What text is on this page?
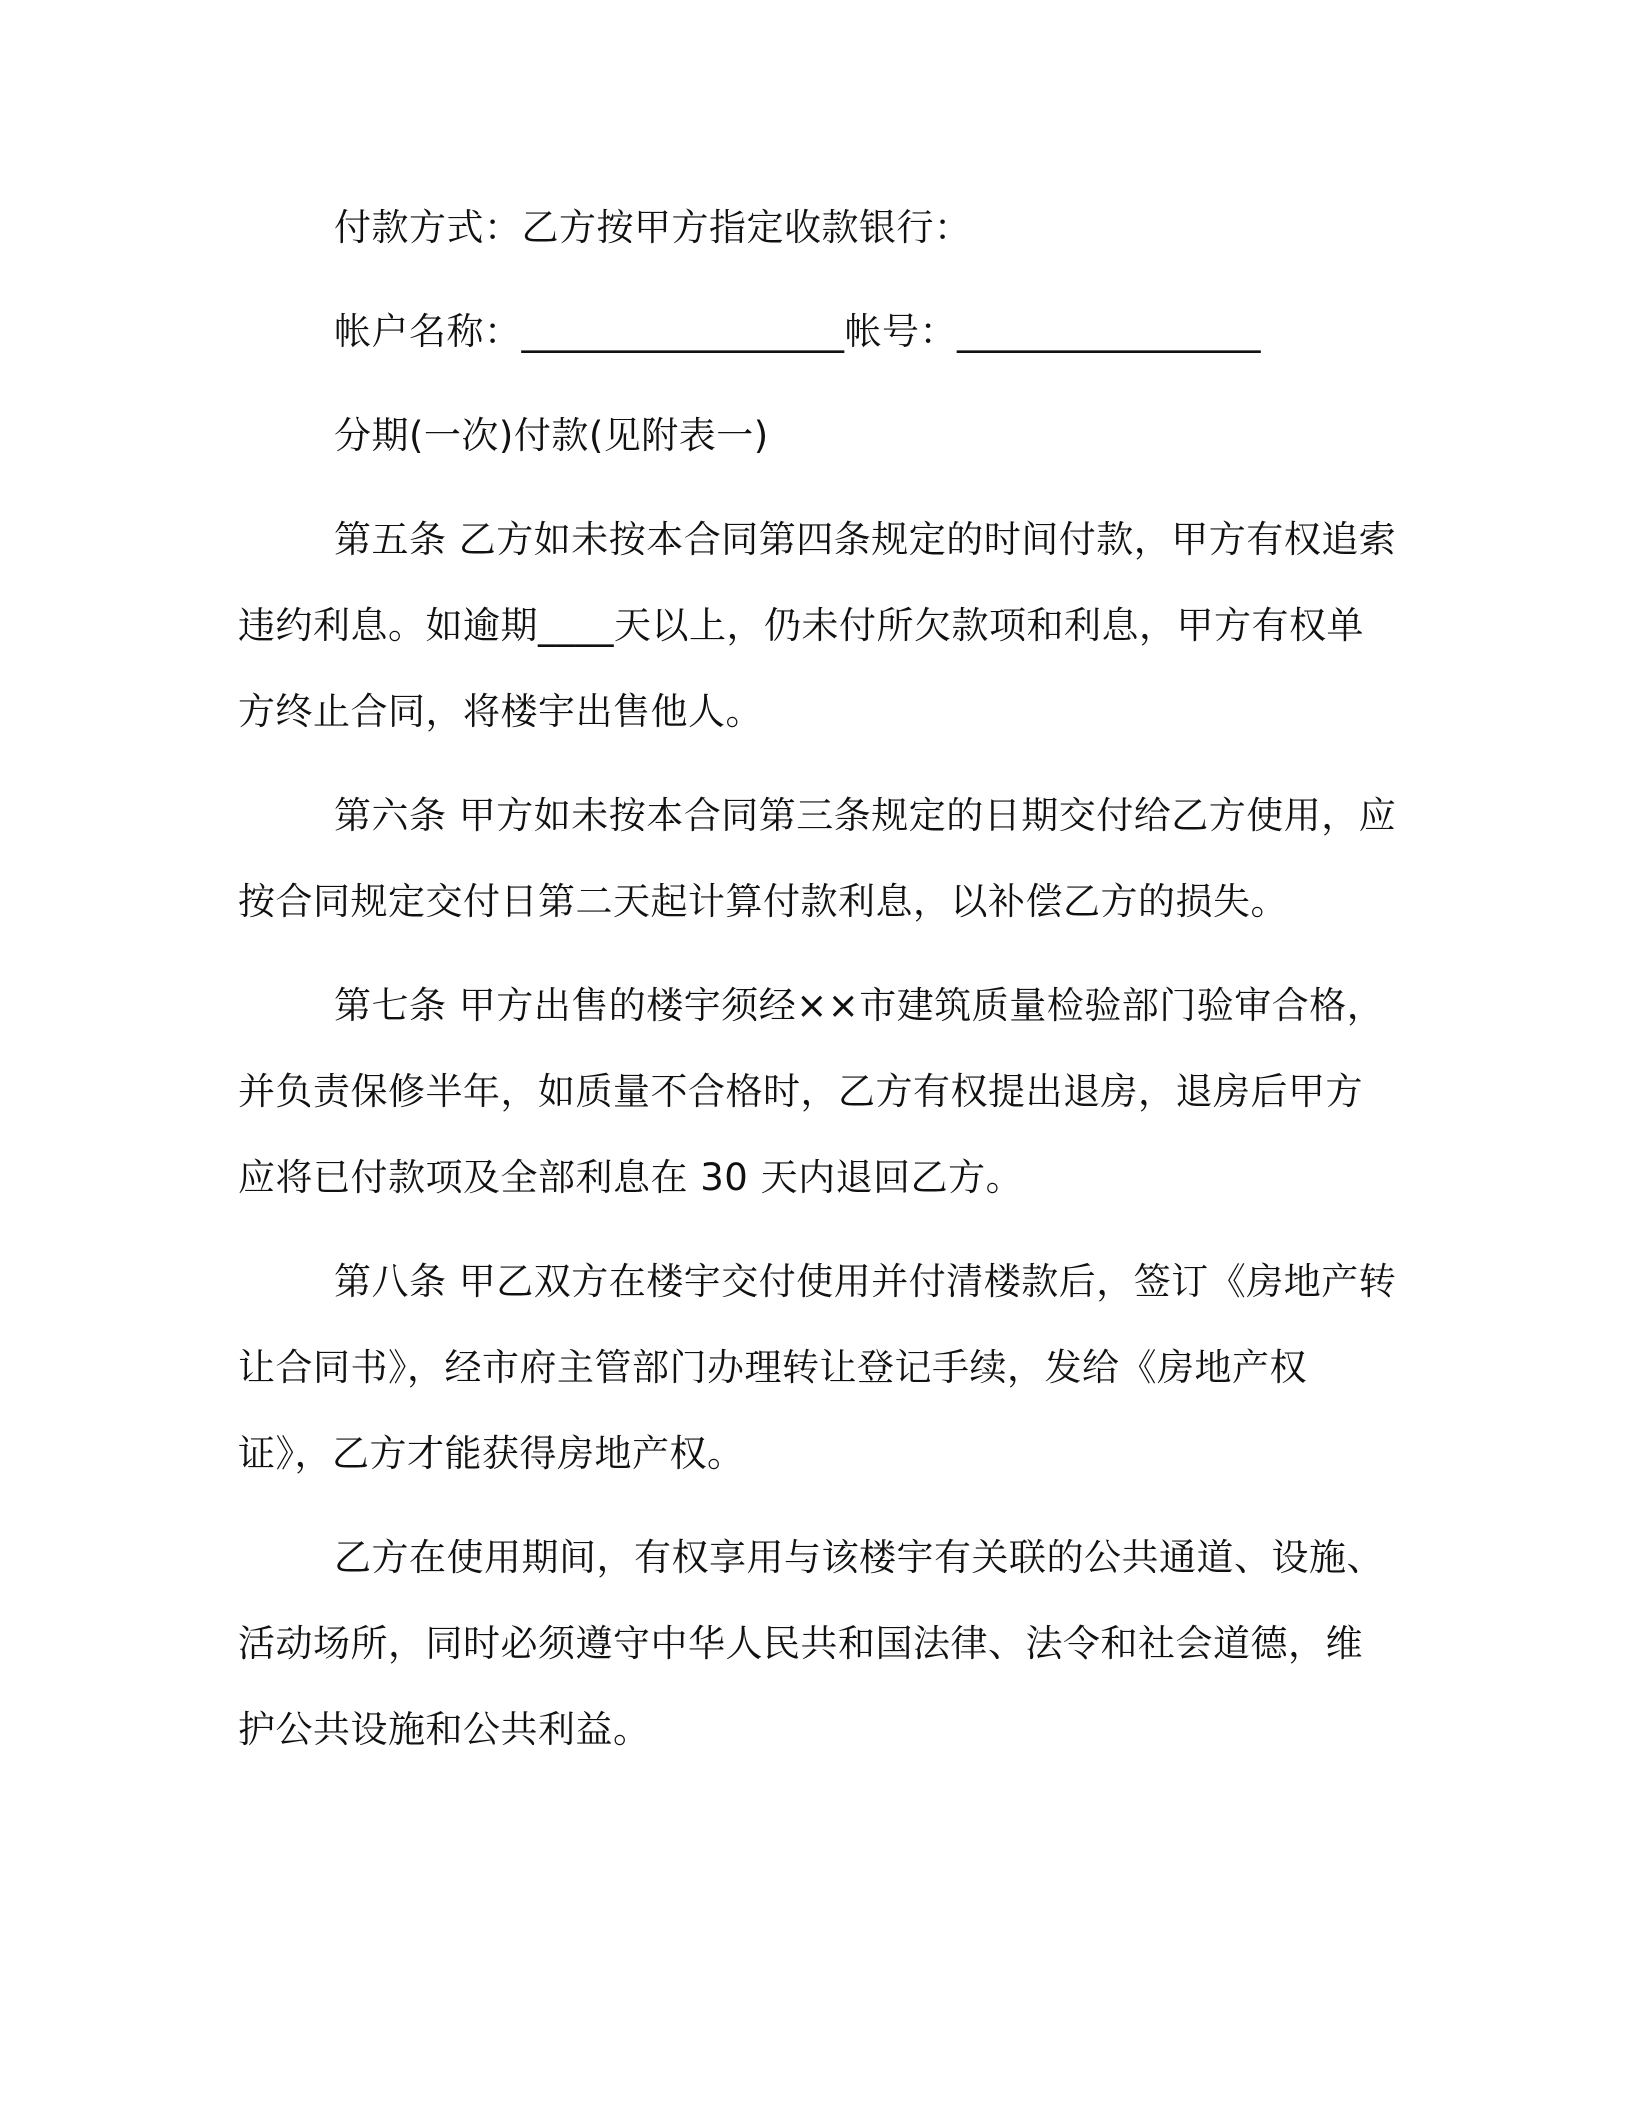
付款方式：乙方按甲方指定收款银行：

帐户名称：_________________帐号：________________

分期(一次)付款(见附表一)

第五条 乙方如未按本合同第四条规定的时间付款，甲方有权追索违约利息。如逾期____天以上，仍未付所欠款项和利息，甲方有权单方终止合同，将楼宇出售他人。

第六条 甲方如未按本合同第三条规定的日期交付给乙方使用，应按合同规定交付日第二天起计算付款利息，以补偿乙方的损失。

第七条 甲方出售的楼宇须经××市建筑质量检验部门验审合格，并负责保修半年，如质量不合格时，乙方有权提出退房，退房后甲方应将已付款项及全部利息在 30 天内退回乙方。

第八条 甲乙双方在楼宇交付使用并付清楼款后，签订《房地产转让合同书》，经市府主管部门办理转让登记手续，发给《房地产权证》，乙方才能获得房地产权。

乙方在使用期间，有权享用与该楼宇有关联的公共通道、设施、活动场所，同时必须遵守中华人民共和国法律、法令和社会道德，维护公共设施和公共利益。
